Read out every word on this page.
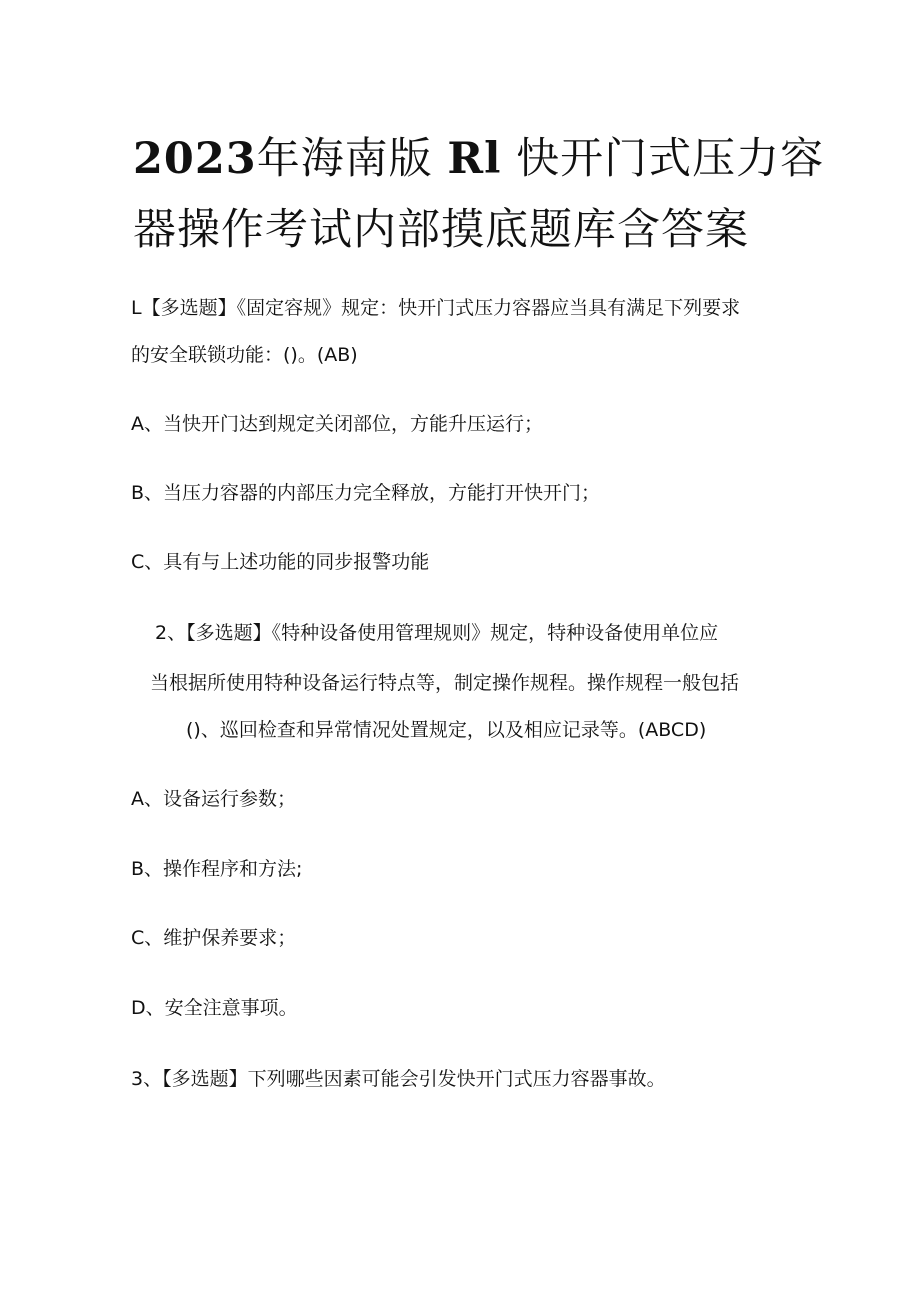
2023年海南版 Rl 快开门式压力容
器操作考试内部摸底题库含答案
L【多选题】《固定容规》规定：快开门式压力容器应当具有满足下列要求
的安全联锁功能：()。(AB)
A、当快开门达到规定关闭部位，方能升压运行；
B、当压力容器的内部压力完全释放，方能打开快开门；
C、具有与上述功能的同步报警功能
2、【多选题】《特种设备使用管理规则》规定，特种设备使用单位应
当根据所使用特种设备运行特点等，制定操作规程。操作规程一般包括
()、巡回检查和异常情况处置规定，以及相应记录等。(ABCD)
A、设备运行参数；
B、操作程序和方法;
C、维护保养要求；
D、安全注意事项。
3、【多选题】下列哪些因素可能会引发快开门式压力容器事故。
